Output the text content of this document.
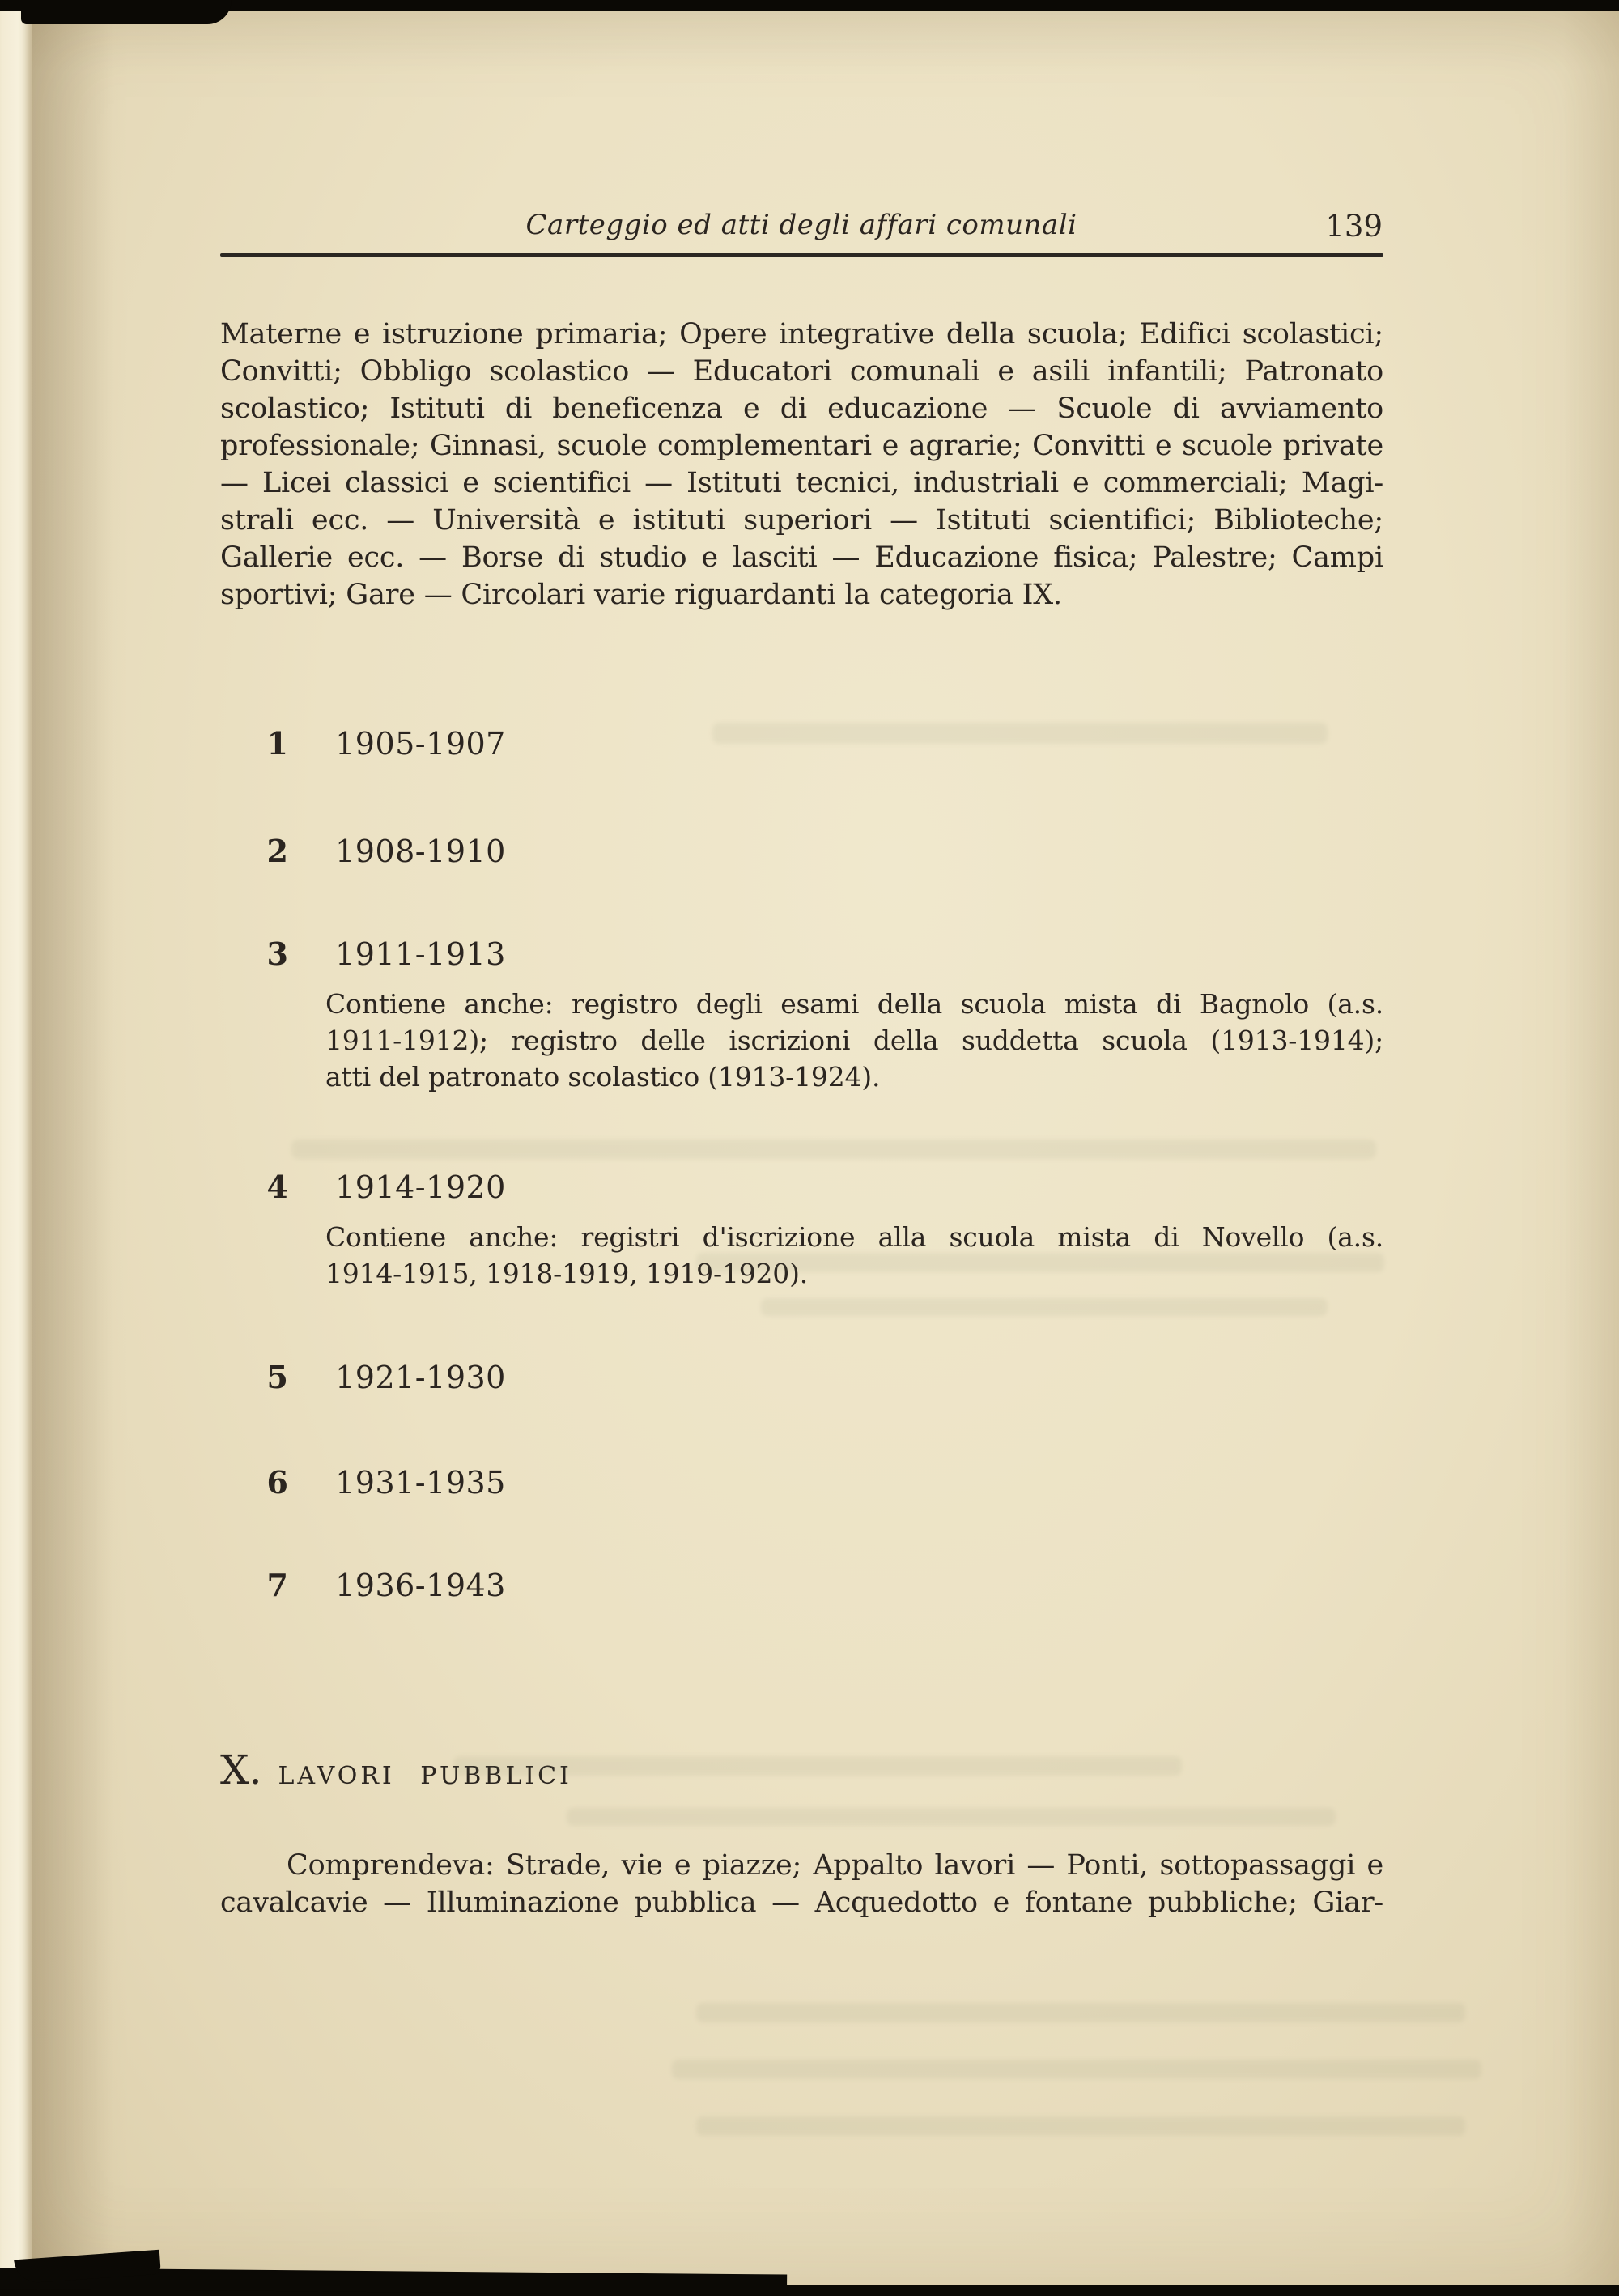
Carteggio ed atti degli affari comunali	139
Materne e istruzione primaria; Opere integrative della scuola; Edifici scolastici;
Convitti; Obbligo scolastico — Educatori comunali e asili infantili; Patronato
scolastico; Istituti di beneficenza e di educazione — Scuole di avviamento
professionale; Ginnasi, scuole complementari e agrarie; Convitti e scuole private
— Licei classici e scientifici — Istituti tecnici, industriali e commerciali; Magi-
strali ecc. — Università e istituti superiori — Istituti scientifici; Biblioteche;
Gallerie ecc. — Borse di studio e lasciti — Educazione fisica; Palestre; Campi
sportivi; Gare — Circolari varie riguardanti la categoria IX.
1 1905-1907
2 1908-1910
3 1911-1913
Contiene anche: registro degli esami della scuola mista di Bagnolo (a.s.
1911-1912); registro delle iscrizioni della suddetta scuola (1913-1914);
atti del patronato scolastico (1913-1924).
4 1914-1920
Contiene anche: registri d'iscrizione alla scuola mista di Novello (a.s.
1914-1915, 1918-1919, 1919-1920).
5 1921-1930
6 1931-1935
7 1936-1943
X. LAVORI PUBBLICI
Comprendeva: Strade, vie e piazze; Appalto lavori — Ponti, sottopassaggi e
cavalcavie — Illuminazione pubblica — Acquedotto e fontane pubbliche; Giar-
